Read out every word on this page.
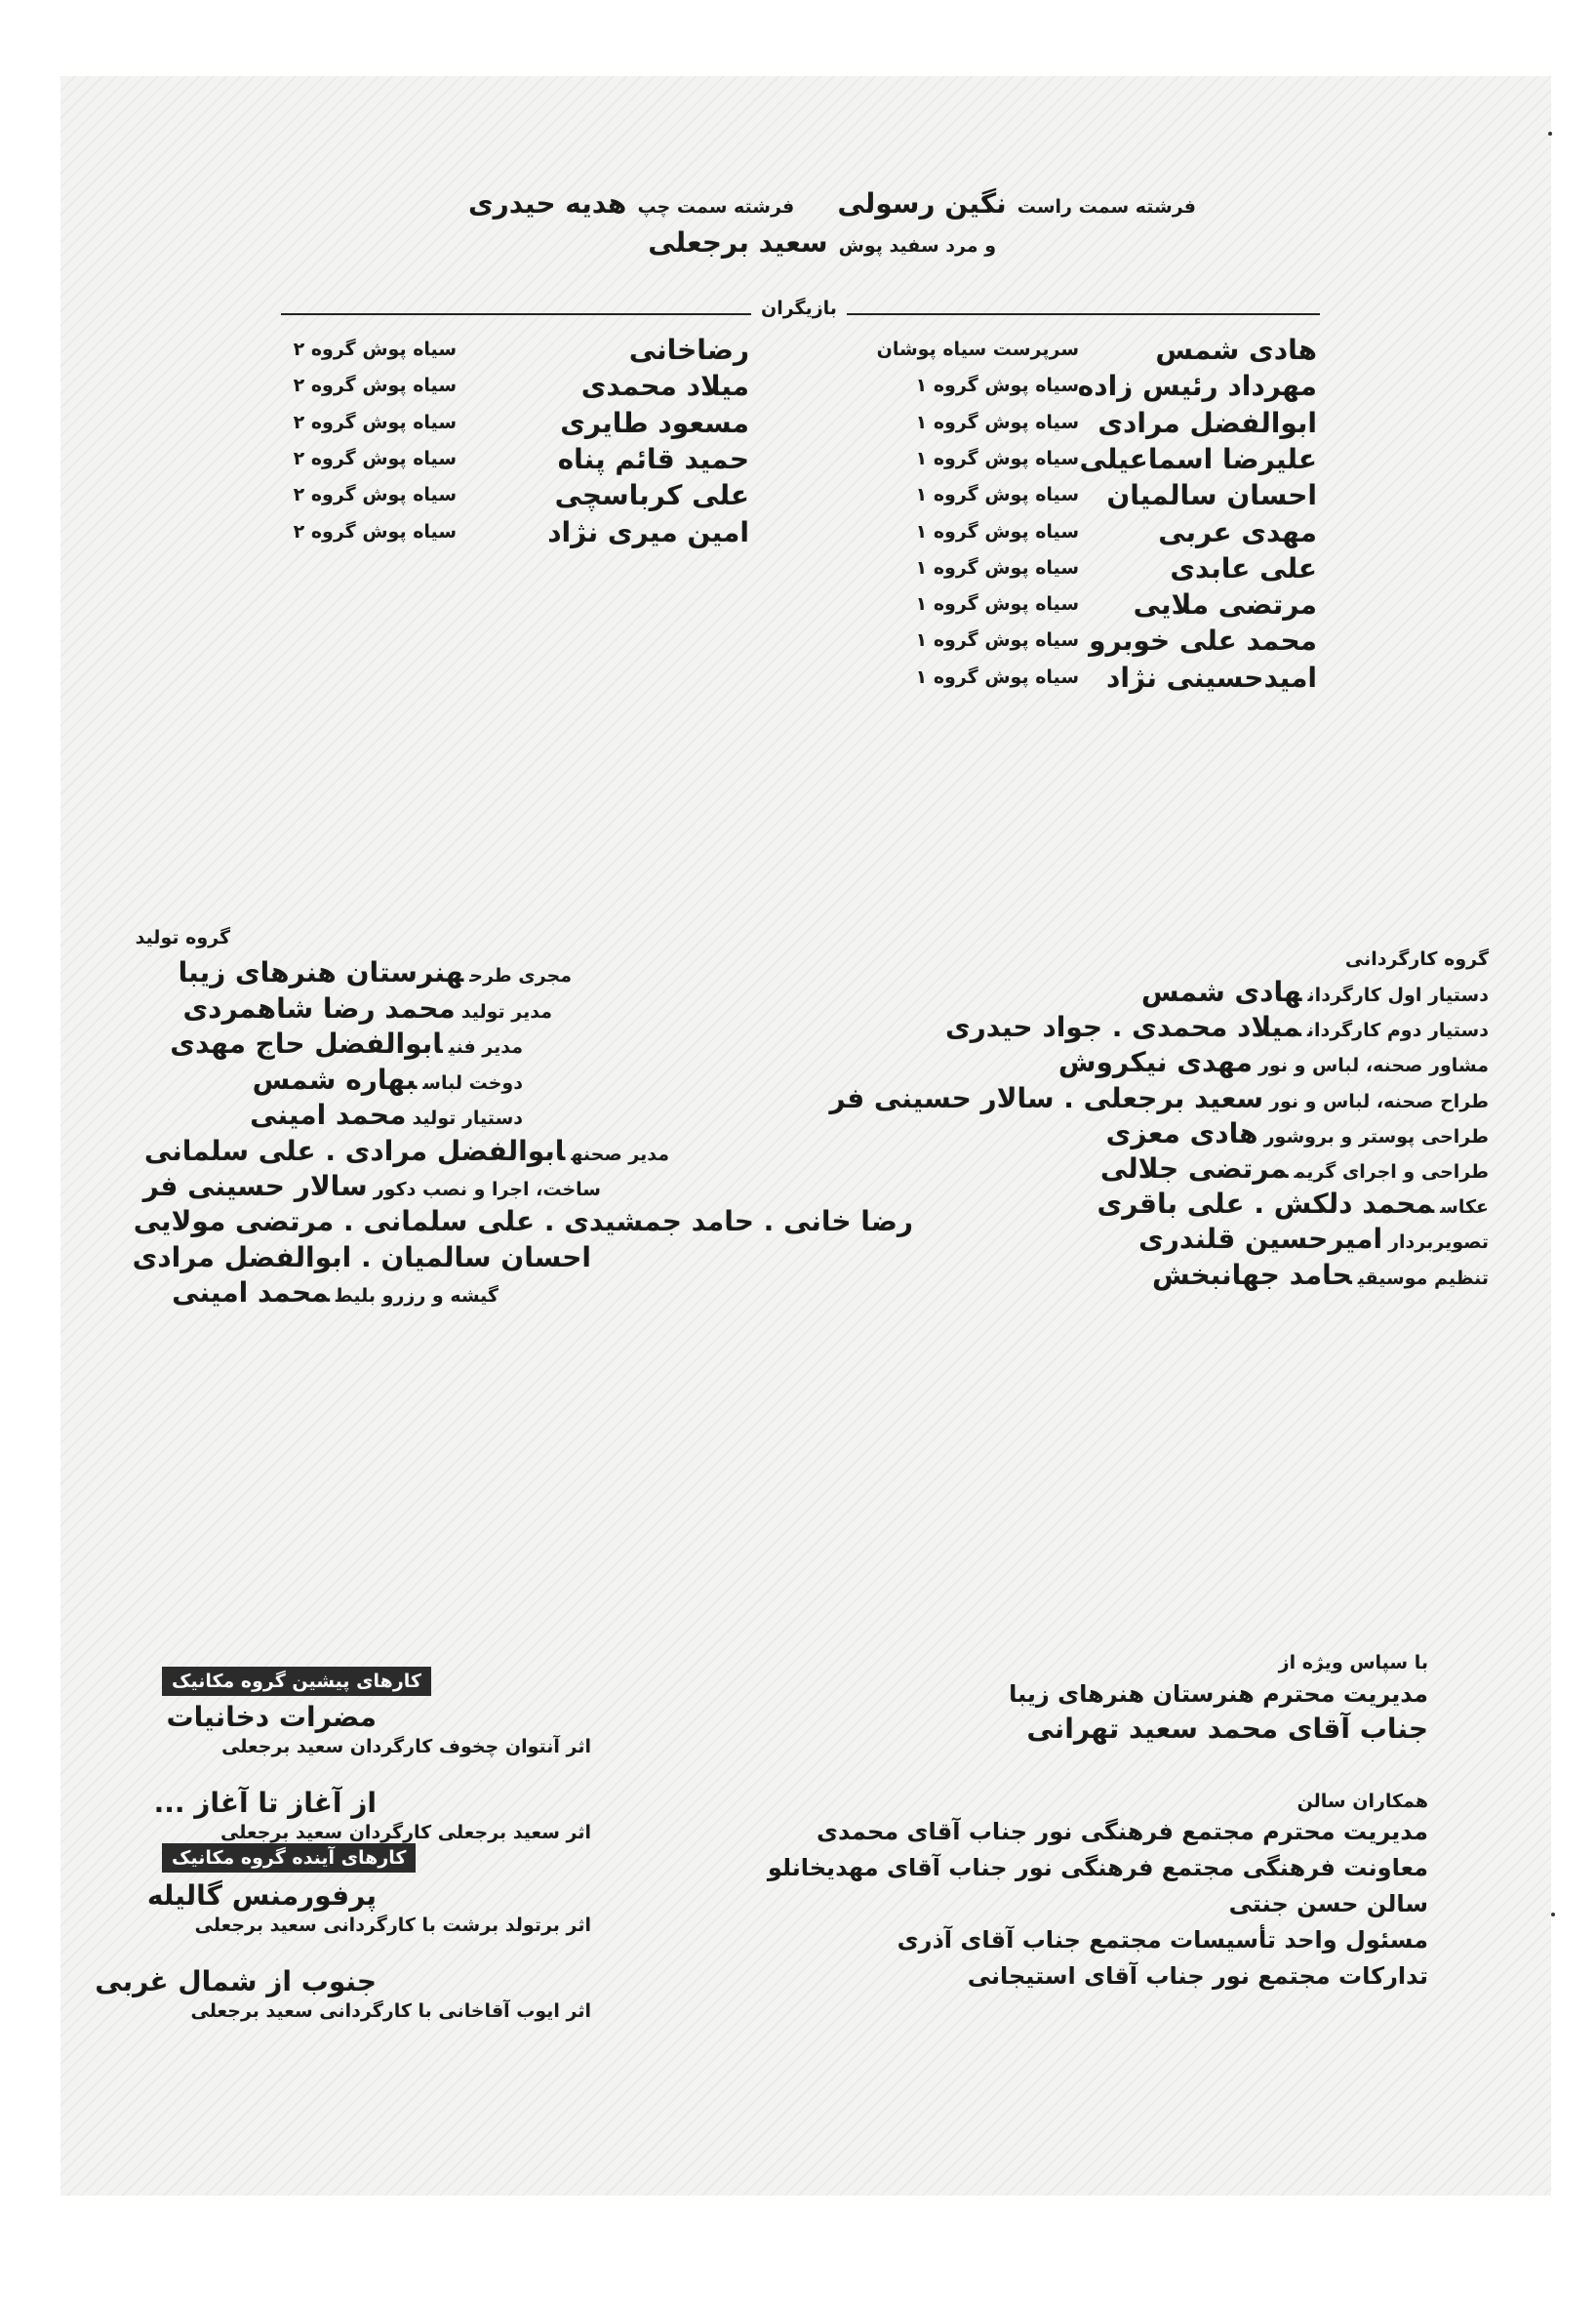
فرشته سمت راست نگین رسولی  فرشته سمت چپ هدیه حیدری
و مرد سفید پوش سعید برجعلی
بازیگران
گروه کارگردانی
گروه تولید
با سپاس ویژه از
مدیریت محترم هنرستان هنرهای زیبا
جناب آقای محمد سعید تهرانی
همکاران سالن
کارهای پیشین گروه مکانیک
کارهای آینده گروه مکانیک
هادی شمس
سرپرست سیاه پوشان
مهرداد رئیس زاده
سیاه پوش گروه ۱
ابوالفضل مرادی
سیاه پوش گروه ۱
علیرضا اسماعیلی
سیاه پوش گروه ۱
احسان سالمیان
سیاه پوش گروه ۱
مهدی عربی
سیاه پوش گروه ۱
علی عابدی
سیاه پوش گروه ۱
مرتضی ملایی
سیاه پوش گروه ۱
محمد علی خوبرو
سیاه پوش گروه ۱
امیدحسینی نژاد
سیاه پوش گروه ۱
رضاخانی
سیاه پوش گروه ۲
میلاد محمدی
سیاه پوش گروه ۲
مسعود طایری
سیاه پوش گروه ۲
حمید قائم پناه
سیاه پوش گروه ۲
علی کرباسچی
سیاه پوش گروه ۲
امین میری نژاد
سیاه پوش گروه ۲
دستیار اول کارگردانهادی شمس
دستیار دوم کارگردانمیلاد محمدی . جواد حیدری
مشاور صحنه، لباس و نورمهدی نیکروش
طراح صحنه، لباس و نورسعید برجعلی . سالار حسینی فر
طراحی پوستر و بروشورهادی معزی
طراحی و اجرای گریممرتضی جلالی
عکاسمحمد دلکش . علی باقری
تصویربردارامیرحسین قلندری
تنظیم موسیقیحامد جهانبخش
مجری طرحهنرستان هنرهای زیبا
مدیر تولیدمحمد رضا شاهمردی
مدیر فنیابوالفضل حاج مهدی
دوخت لباسبهاره شمس
دستیار تولیدمحمد امینی
مدیر صحنهابوالفضل مرادی . علی سلمانی
ساخت، اجرا و نصب دکورسالار حسینی فر
رضا خانی . حامد جمشیدی . علی سلمانی . مرتضی مولایی
احسان سالمیان . ابوالفضل مرادی
گیشه و رزرو بلیطمحمد امینی
مدیریت محترم مجتمع فرهنگی نور جناب آقای محمدی
معاونت فرهنگی مجتمع فرهنگی نور جناب آقای مهدیخانلو
سالن حسن جنتی
مسئول واحد تأسیسات مجتمع جناب آقای آذری
تدارکات مجتمع نور جناب آقای استیجانی
مضرات دخانیات
اثر آنتوان چخوف کارگردان سعید برجعلی
از آغاز تا آغاز ...
اثر سعید برجعلی کارگردان سعید برجعلی
پرفورمنس گالیله
اثر برتولد برشت با کارگردانی سعید برجعلی
جنوب از شمال غربی
اثر ایوب آقاخانی با کارگردانی سعید برجعلی
